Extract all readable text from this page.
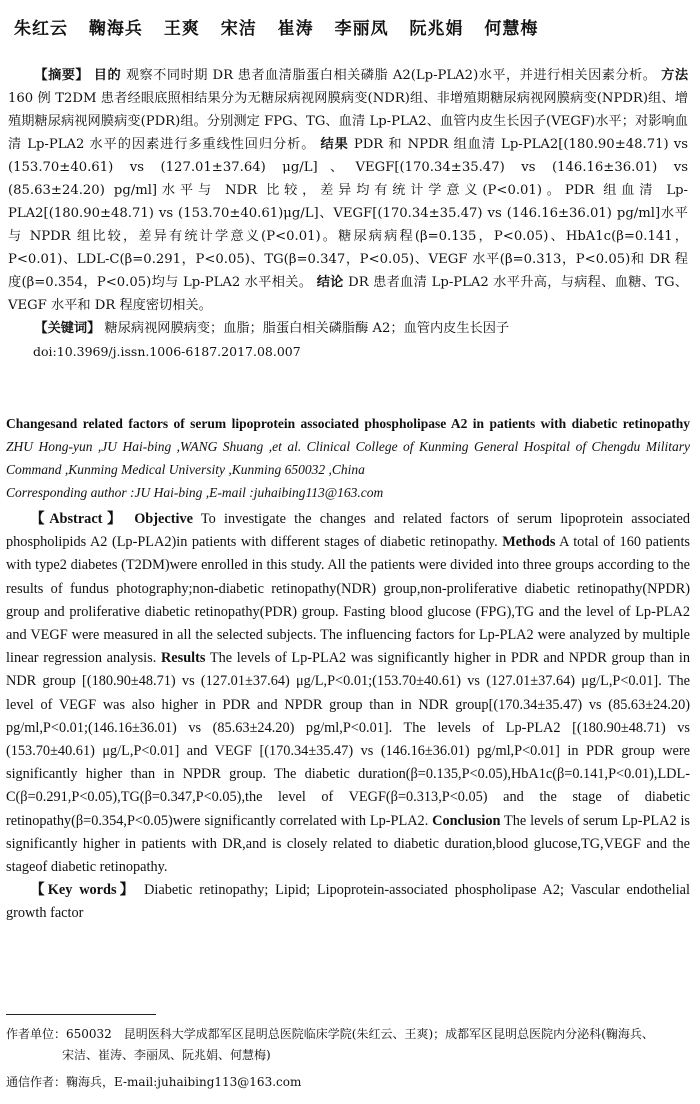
朱红云 鞠海兵 王爽 宋洁 崔涛 李丽凤 阮兆娟 何慧梅

【摘要】 目的 观察不同时期 DR 患者血清脂蛋白相关磷脂 A2(Lp-PLA2)水平，并进行相关因素分析。 方法 160 例 T2DM 患者经眼底照相结果分为无糖尿病视网膜病变(NDR)组、非增殖期糖尿病视网膜病变(NPDR)组、增殖期糖尿病视网膜病变(PDR)组。分别测定 FPG、TG、血清 Lp-PLA2、血管内皮生长因子(VEGF)水平；对影响血清 Lp-PLA2 水平的因素进行多重线性回归分析。 结果 PDR 和 NPDR 组血清 Lp-PLA2[(180.90±48.71) vs (153.70±40.61) vs (127.01±37.64) μg/L]、VEGF[(170.34±35.47) vs (146.16±36.01) vs (85.63±24.20) pg/ml]水平与 NDR 比较，差异均有统计学意义(P<0.01)。PDR 组血清 Lp-PLA2[(180.90±48.71) vs (153.70±40.61)μg/L]、VEGF[(170.34±35.47) vs (146.16±36.01) pg/ml]水平与 NPDR 组比较，差异有统计学意义(P<0.01)。糖尿病病程(β=0.135，P<0.05)、HbA1c(β=0.141，P<0.01)、LDL-C(β=0.291，P<0.05)、TG(β=0.347，P<0.05)、VEGF 水平(β=0.313，P<0.05)和 DR 程度(β=0.354，P<0.05)均与 Lp-PLA2 水平相关。 结论 DR 患者血清 Lp-PLA2 水平升高，与病程、血糖、TG、VEGF 水平和 DR 程度密切相关。

【关键词】 糖尿病视网膜病变；血脂；脂蛋白相关磷脂酶 A2；血管内皮生长因子

doi:10.3969/j.issn.1006-6187.2017.08.007

Changesand related factors of serum lipoprotein associated phospholipase A2 in patients with diabetic retinopathy ZHU Hong-yun ,JU Hai-bing ,WANG Shuang ,et al. Clinical College of Kunming General Hospital of Chengdu Military Command ,Kunming Medical University ,Kunming 650032 ,China
Corresponding author :JU Hai-bing ,E-mail :juhaibing113@163.com

【Abstract】 Objective To investigate the changes and related factors of serum lipoprotein associated phospholipids A2 (Lp-PLA2)in patients with different stages of diabetic retinopathy. Methods A total of 160 patients with type2 diabetes (T2DM)were enrolled in this study. All the patients were divided into three groups according to the results of fundus photography;non-diabetic retinopathy(NDR) group,non-proliferative diabetic retinopathy(NPDR) group and proliferative diabetic retinopathy(PDR) group. Fasting blood glucose (FPG),TG and the level of Lp-PLA2 and VEGF were measured in all the selected subjects. The influencing factors for Lp-PLA2 were analyzed by multiple linear regression analysis. Results The levels of Lp-PLA2 was significantly higher in PDR and NPDR group than in NDR group [(180.90±48.71) vs (127.01±37.64) μg/L,P<0.01;(153.70±40.61) vs (127.01±37.64) μg/L,P<0.01]. The level of VEGF was also higher in PDR and NPDR group than in NDR group[(170.34±35.47) vs (85.63±24.20) pg/ml,P<0.01;(146.16±36.01) vs (85.63±24.20) pg/ml,P<0.01]. The levels of Lp-PLA2 [(180.90±48.71) vs (153.70±40.61) μg/L,P<0.01] and VEGF [(170.34±35.47) vs (146.16±36.01) pg/ml,P<0.01] in PDR group were significantly higher than in NPDR group. The diabetic duration(β=0.135,P<0.05),HbA1c(β=0.141,P<0.01),LDL-C(β=0.291,P<0.05),TG(β=0.347,P<0.05),the level of VEGF(β=0.313,P<0.05) and the stage of diabetic retinopathy(β=0.354,P<0.05)were significantly correlated with Lp-PLA2. Conclusion The levels of serum Lp-PLA2 is significantly higher in patients with DR,and is closely related to diabetic duration,blood glucose,TG,VEGF and the stageof diabetic retinopathy.

【Key words】 Diabetic retinopathy; Lipid; Lipoprotein-associated phospholipase A2; Vascular endothelial growth factor

作者单位：650032　昆明医科大学成都军区昆明总医院临床学院(朱红云、王爽)；成都军区昆明总医院内分泌科(鞠海兵、

宋洁、崔涛、李丽凤、阮兆娟、何慧梅)

通信作者：鞠海兵，E-mail:juhaibing113@163.com
